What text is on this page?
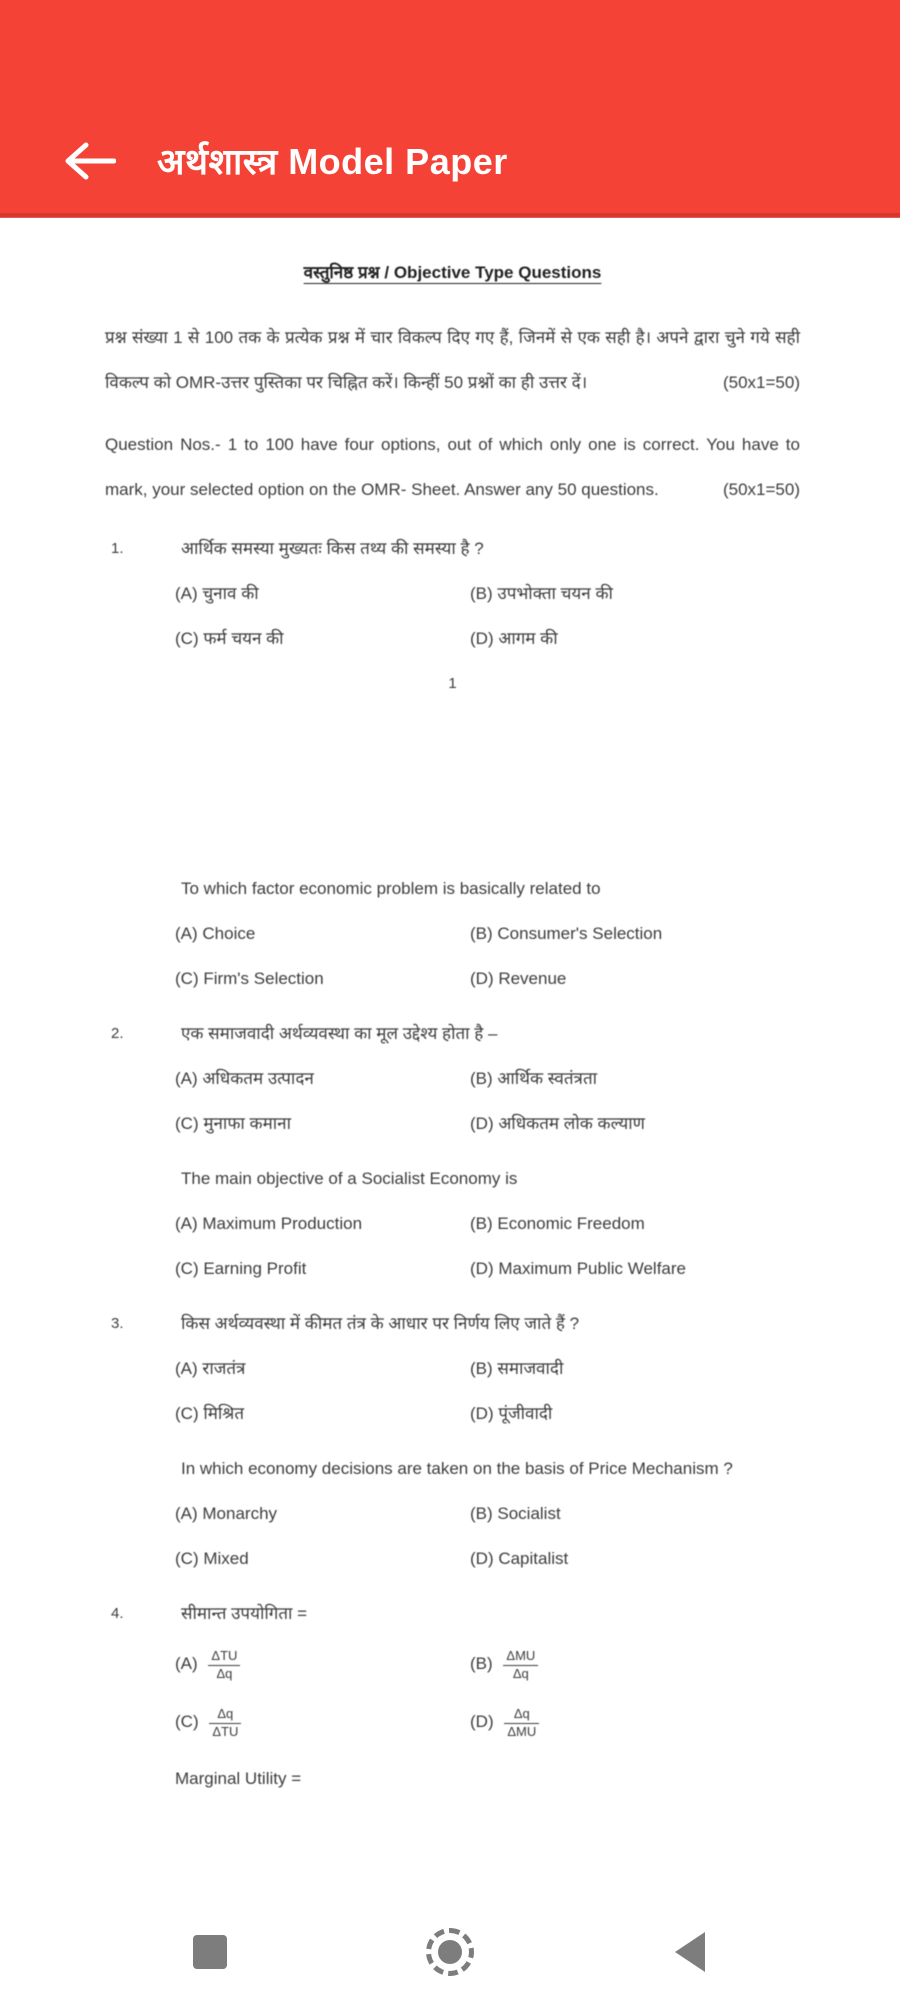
अर्थशास्त्र Model Paper
वस्तुनिष्ठ प्रश्न / Objective Type Questions

प्रश्न संख्या 1 से 100 तक के प्रत्येक प्रश्न में चार विकल्प दिए गए हैं, जिनमें से एक सही है। अपने द्वारा चुने गये सही विकल्प को OMR-उत्तर पुस्तिका पर चिह्नित करें। किन्हीं 50 प्रश्नों का ही उत्तर दें।	(50x1=50)

Question Nos.- 1 to 100 have four options, out of which only one is correct. You have to mark, your selected option on the OMR- Sheet. Answer any 50 questions.	(50x1=50)

1.	आर्थिक समस्या मुख्यतः किस तथ्य की समस्या है ?
(A) चुनाव की	(B) उपभोक्ता चयन की
(C) फर्म चयन की	(D) आगम की
1
To which factor economic problem is basically related to
(A) Choice	(B) Consumer's Selection
(C) Firm's Selection	(D) Revenue
2.	एक समाजवादी अर्थव्यवस्था का मूल उद्देश्य होता है –
(A) अधिकतम उत्पादन	(B) आर्थिक स्वतंत्रता
(C) मुनाफा कमाना	(D) अधिकतम लोक कल्याण
The main objective of a Socialist Economy is
(A) Maximum Production	(B) Economic Freedom
(C) Earning Profit	(D) Maximum Public Welfare
3.	किस अर्थव्यवस्था में कीमत तंत्र के आधार पर निर्णय लिए जाते हैं ?
(A) राजतंत्र	(B) समाजवादी
(C) मिश्रित	(D) पूंजीवादी
In which economy decisions are taken on the basis of Price Mechanism ?
(A) Monarchy	(B) Socialist
(C) Mixed	(D) Capitalist
4.	सीमान्त उपयोगिता =
$(A) \frac{\text{ΔTU}}{\Delta q}$	$(B) \frac{\text{ΔMU}}{\Delta q}$
$(C) \frac{\Delta q}{\text{ΔTU}}$	$(D) \frac{\Delta q}{\text{ΔMU}}$
Marginal Utility =
